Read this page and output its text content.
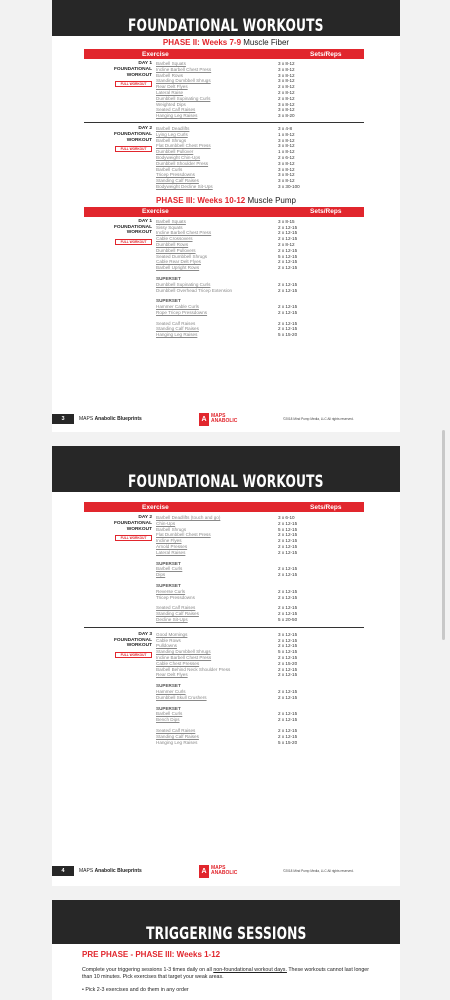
FOUNDATIONAL WORKOUTS
PHASE II: Weeks 7-9 Muscle Fiber
Exercise	Sets/Reps
DAY 1
FOUNDATIONAL
WORKOUT
FULL WORKOUT
Barbell Squats	3 x 8-12
Incline Barbell Chest Press	3 x 8-12
Barbell Rows	3 x 8-12
Standing Dumbbell Shrugs	3 x 8-12
Rear Delt Flyes	2 x 8-12
Lateral Raise	2 x 8-12
Dumbbell Supinating Curls	2 x 8-12
Weighted Dips	3 x 8-12
Seated Calf Raises	3 x 8-12
Hanging Leg Raises	3 x 8-20
DAY 2
FOUNDATIONAL
WORKOUT
FULL WORKOUT
Barbell Deadlifts	3 x 4-8
Lying Leg Curls	1 x 8-12
Barbell Shrugs	3 x 8-12
Flat Dumbbell Chest Press	3 x 8-12
Dumbbell Pullover	1 x 8-12
Bodyweight Chin-Ups	2 x 6-12
Dumbbell Shoulder Press	3 x 8-12
Barbell Curls	3 x 8-12
Tricep Pressdowns	3 x 8-12
Standing Calf Raises	3 x 8-12
Bodyweight Decline Sit-Ups	3 x 30-100
PHASE III: Weeks 10-12 Muscle Pump
Exercise	Sets/Reps
DAY 1
FOUNDATIONAL
WORKOUT
FULL WORKOUT
Barbell Squats	3 x 8-15
Sissy Squats	2 x 12-15
Incline Barbell Chest Press	2 x 12-15
Cable Crossovers	2 x 12-15
Dumbbell Rows	2 x 8-12
Dumbbell Pullovers	2 x 12-15
Seated Dumbbell Shrugs	5 x 12-15
Cable Rear Delt Flyes	2 x 12-15
Barbell Upright Rows	2 x 12-15
SUPERSET
Dumbbell Supinating Curls	2 x 12-15
Dumbbell Overhead Tricep Extension	2 x 12-15
SUPERSET
Hammer Cable Curls	2 x 12-15
Rope Tricep Pressdowns	2 x 12-15
Seated Calf Raises	2 x 12-15
Standing Calf Raises	2 x 12-15
Hanging Leg Raises	5 x 15-20
3	MAPS Anabolic Blueprints	A MAPS
ANABOLIC	©2018 Mind Pump Media, LLC All rights reserved.
FOUNDATIONAL WORKOUTS
Exercise	Sets/Reps
DAY 2
FOUNDATIONAL
WORKOUT
FULL WORKOUT
Barbell Deadlifts (touch and go)	3 x 6-10
Chin-Ups	2 x 12-15
Barbell Shrugs	5 x 12-15
Flat Dumbbell Chest Press	2 x 12-15
Incline Flyes	2 x 12-15
Arnold Presses	2 x 12-15
Lateral Raises	2 x 12-15
SUPERSET
Barbell Curls	2 x 12-15
Dips	2 x 12-15
SUPERSET
Reverse Curls	2 x 12-15
Tricep Pressdowns	2 x 12-15
Seated Calf Raises	2 x 12-15
Standing Calf Raises	2 x 12-15
Decline Sit-Ups	5 x 20-50
DAY 3
FOUNDATIONAL
WORKOUT
FULL WORKOUT
Good Mornings	3 x 12-15
Cable Rows	2 x 12-15
Pulldowns	2 x 12-15
Standing Dumbbell Shrugs	5 x 12-15
Incline Barbell Chest Press	2 x 12-15
Cable Chest Presses	2 x 15-20
Barbell Behind Neck Shoulder Press	2 x 12-15
Rear Delt Flyes	2 x 12-15
SUPERSET
Hammer Curls	2 x 12-15
Dumbbell Skull Crushers	2 x 12-15
SUPERSET
Barbell Curls	2 x 12-15
Bench Dips	2 x 12-15
Seated Calf Raises	2 x 12-15
Standing Calf Raises	2 x 12-15
Hanging Leg Raises	5 x 15-20
4	MAPS Anabolic Blueprints	A MAPS
ANABOLIC	©2018 Mind Pump Media, LLC All rights reserved.
TRIGGERING SESSIONS
PRE PHASE - PHASE III: Weeks 1-12
Complete your triggering sessions 1-3 times daily on all non-foundational workout days. These workouts cannot last longer than 10 minutes. Pick exercises that target your weak areas.
• Pick 2-3 exercises and do them in any order
